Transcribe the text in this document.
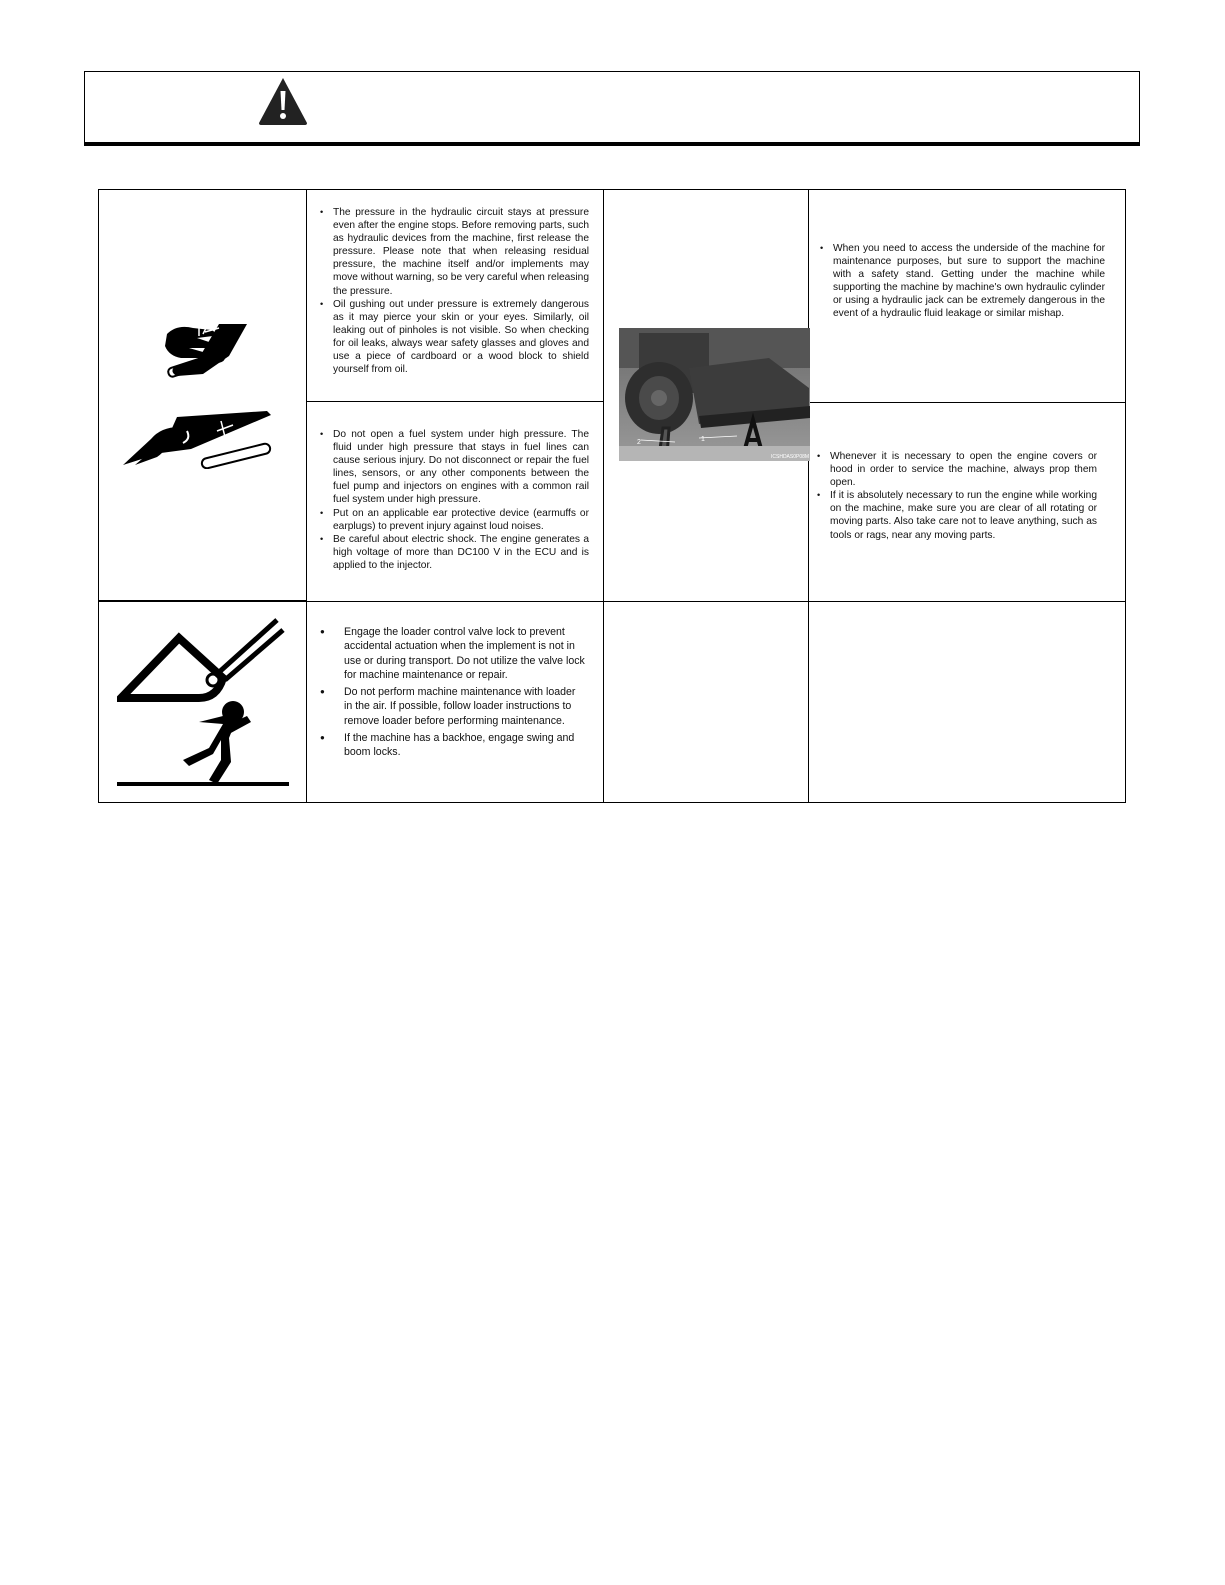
• The pressure in the hydraulic circuit stays at pressure even after the engine stops. Before removing parts, such as hydraulic devices from the machine, first release the pressure. Please note that when releasing residual pressure, the machine itself and/or implements may move without warning, so be very careful when releasing the pressure.
• Oil gushing out under pressure is extremely dangerous as it may pierce your skin or your eyes. Similarly, oil leaking out of pinholes is not visible. So when checking for oil leaks, always wear safety glasses and gloves and use a piece of cardboard or a wood block to shield yourself from oil.
• Do not open a fuel system under high pressure. The fluid under high pressure that stays in fuel lines can cause serious injury. Do not disconnect or repair the fuel lines, sensors, or any other components between the fuel pump and injectors on engines with a common rail fuel system under high pressure.
• Put on an applicable ear protective device (earmuffs or earplugs) to prevent injury against loud noises.
• Be careful about electric shock. The engine generates a high voltage of more than DC100 V in the ECU and is applied to the injector.
• When you need to access the underside of the machine for maintenance purposes, but sure to support the machine with a safety stand. Getting under the machine while supporting the machine by machine's own hydraulic cylinder or using a hydraulic jack can be extremely dangerous in the event of a hydraulic fluid leakage or similar mishap.
• Whenever it is necessary to open the engine covers or hood in order to service the machine, always prop them open.
• If it is absolutely necessary to run the engine while working on the machine, make sure you are clear of all rotating or moving parts. Also take care not to leave anything, such as tools or rags, near any moving parts.
● Engage the loader control valve lock to prevent accidental actuation when the implement is not in use or during transport. Do not utilize the valve lock for machine maintenance or repair.
● Do not perform machine maintenance with loader in the air. If possible, follow loader instructions to remove loader before performing maintenance.
● If the machine has a backhoe, engage swing and boom locks.
2	1
ICSHDAS0P08M
